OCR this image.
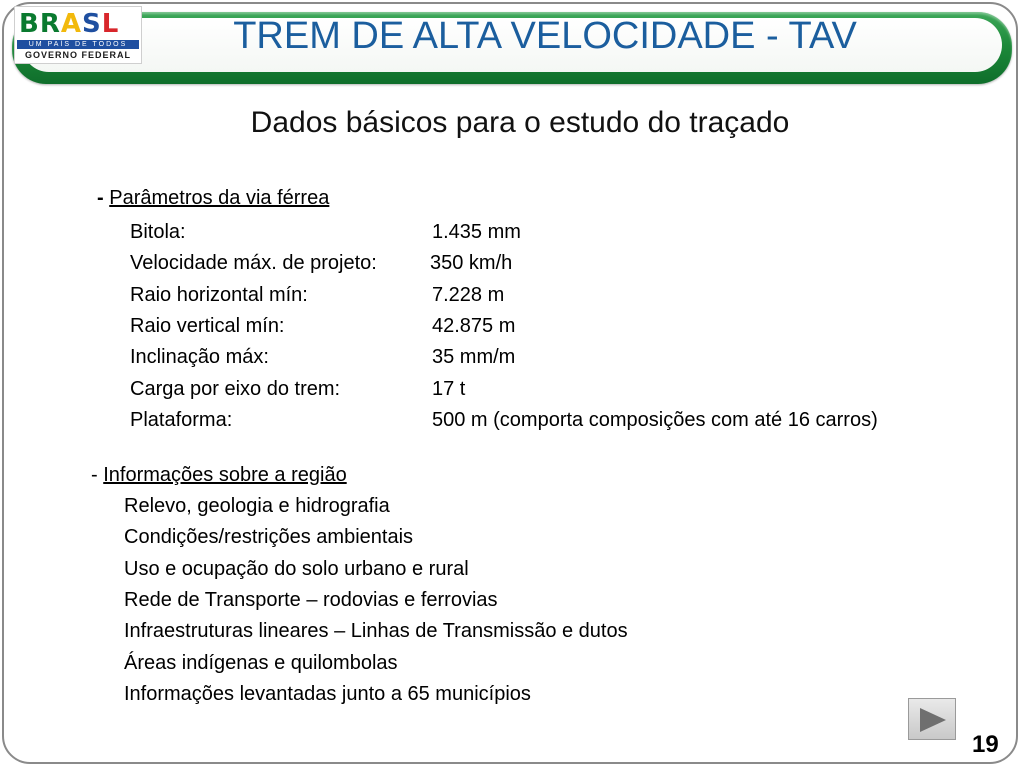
BRASL
UM PAÍS DE TODOS
GOVERNO FEDERAL	TREM DE ALTA VELOCIDADE - TAV
Dados básicos para o estudo do traçado
- Parâmetros da via férrea
Bitola:	1.435 mm
Velocidade máx. de projeto:	350 km/h
Raio horizontal mín:	7.228 m
Raio vertical mín:	42.875 m
Inclinação máx:	35 mm/m
Carga por eixo do trem:	17 t
Plataforma:	500 m (comporta composições com até 16 carros)
- Informações sobre a região
Relevo, geologia e hidrografia
Condições/restrições ambientais
Uso e ocupação do solo urbano e rural
Rede de Transporte – rodovias e ferrovias
Infraestruturas lineares – Linhas de Transmissão e dutos
Áreas indígenas e quilombolas
Informações levantadas junto a 65 municípios
19
